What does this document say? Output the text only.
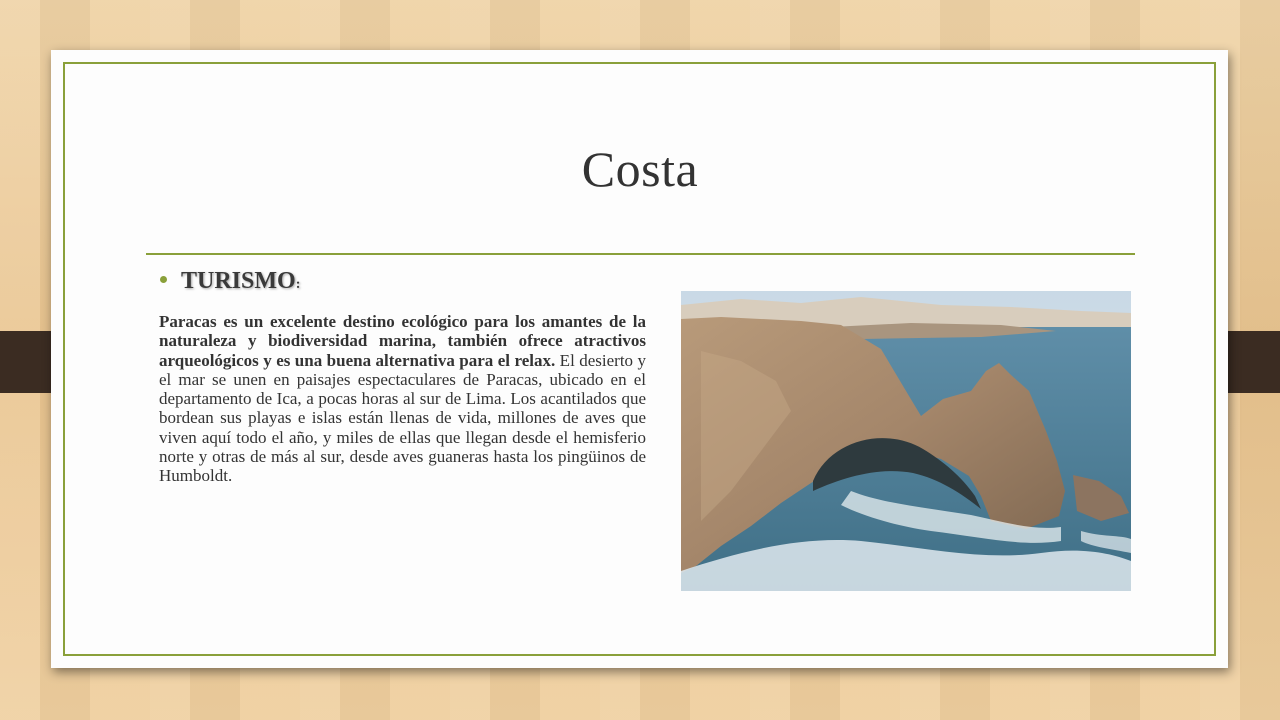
Costa
TURISMO:
Paracas es un excelente destino ecológico para los amantes de la naturaleza y biodiversidad marina, también ofrece atractivos arqueológicos y es una buena alternativa para el relax. El desierto y el mar se unen en paisajes espectaculares de Paracas, ubicado en el departamento de Ica, a pocas horas al sur de Lima. Los acantilados que bordean sus playas e islas están llenas de vida, millones de aves que viven aquí todo el año, y miles de ellas que llegan desde el hemisferio norte y otras de más al sur, desde aves guaneras hasta los pingüinos de Humboldt.
